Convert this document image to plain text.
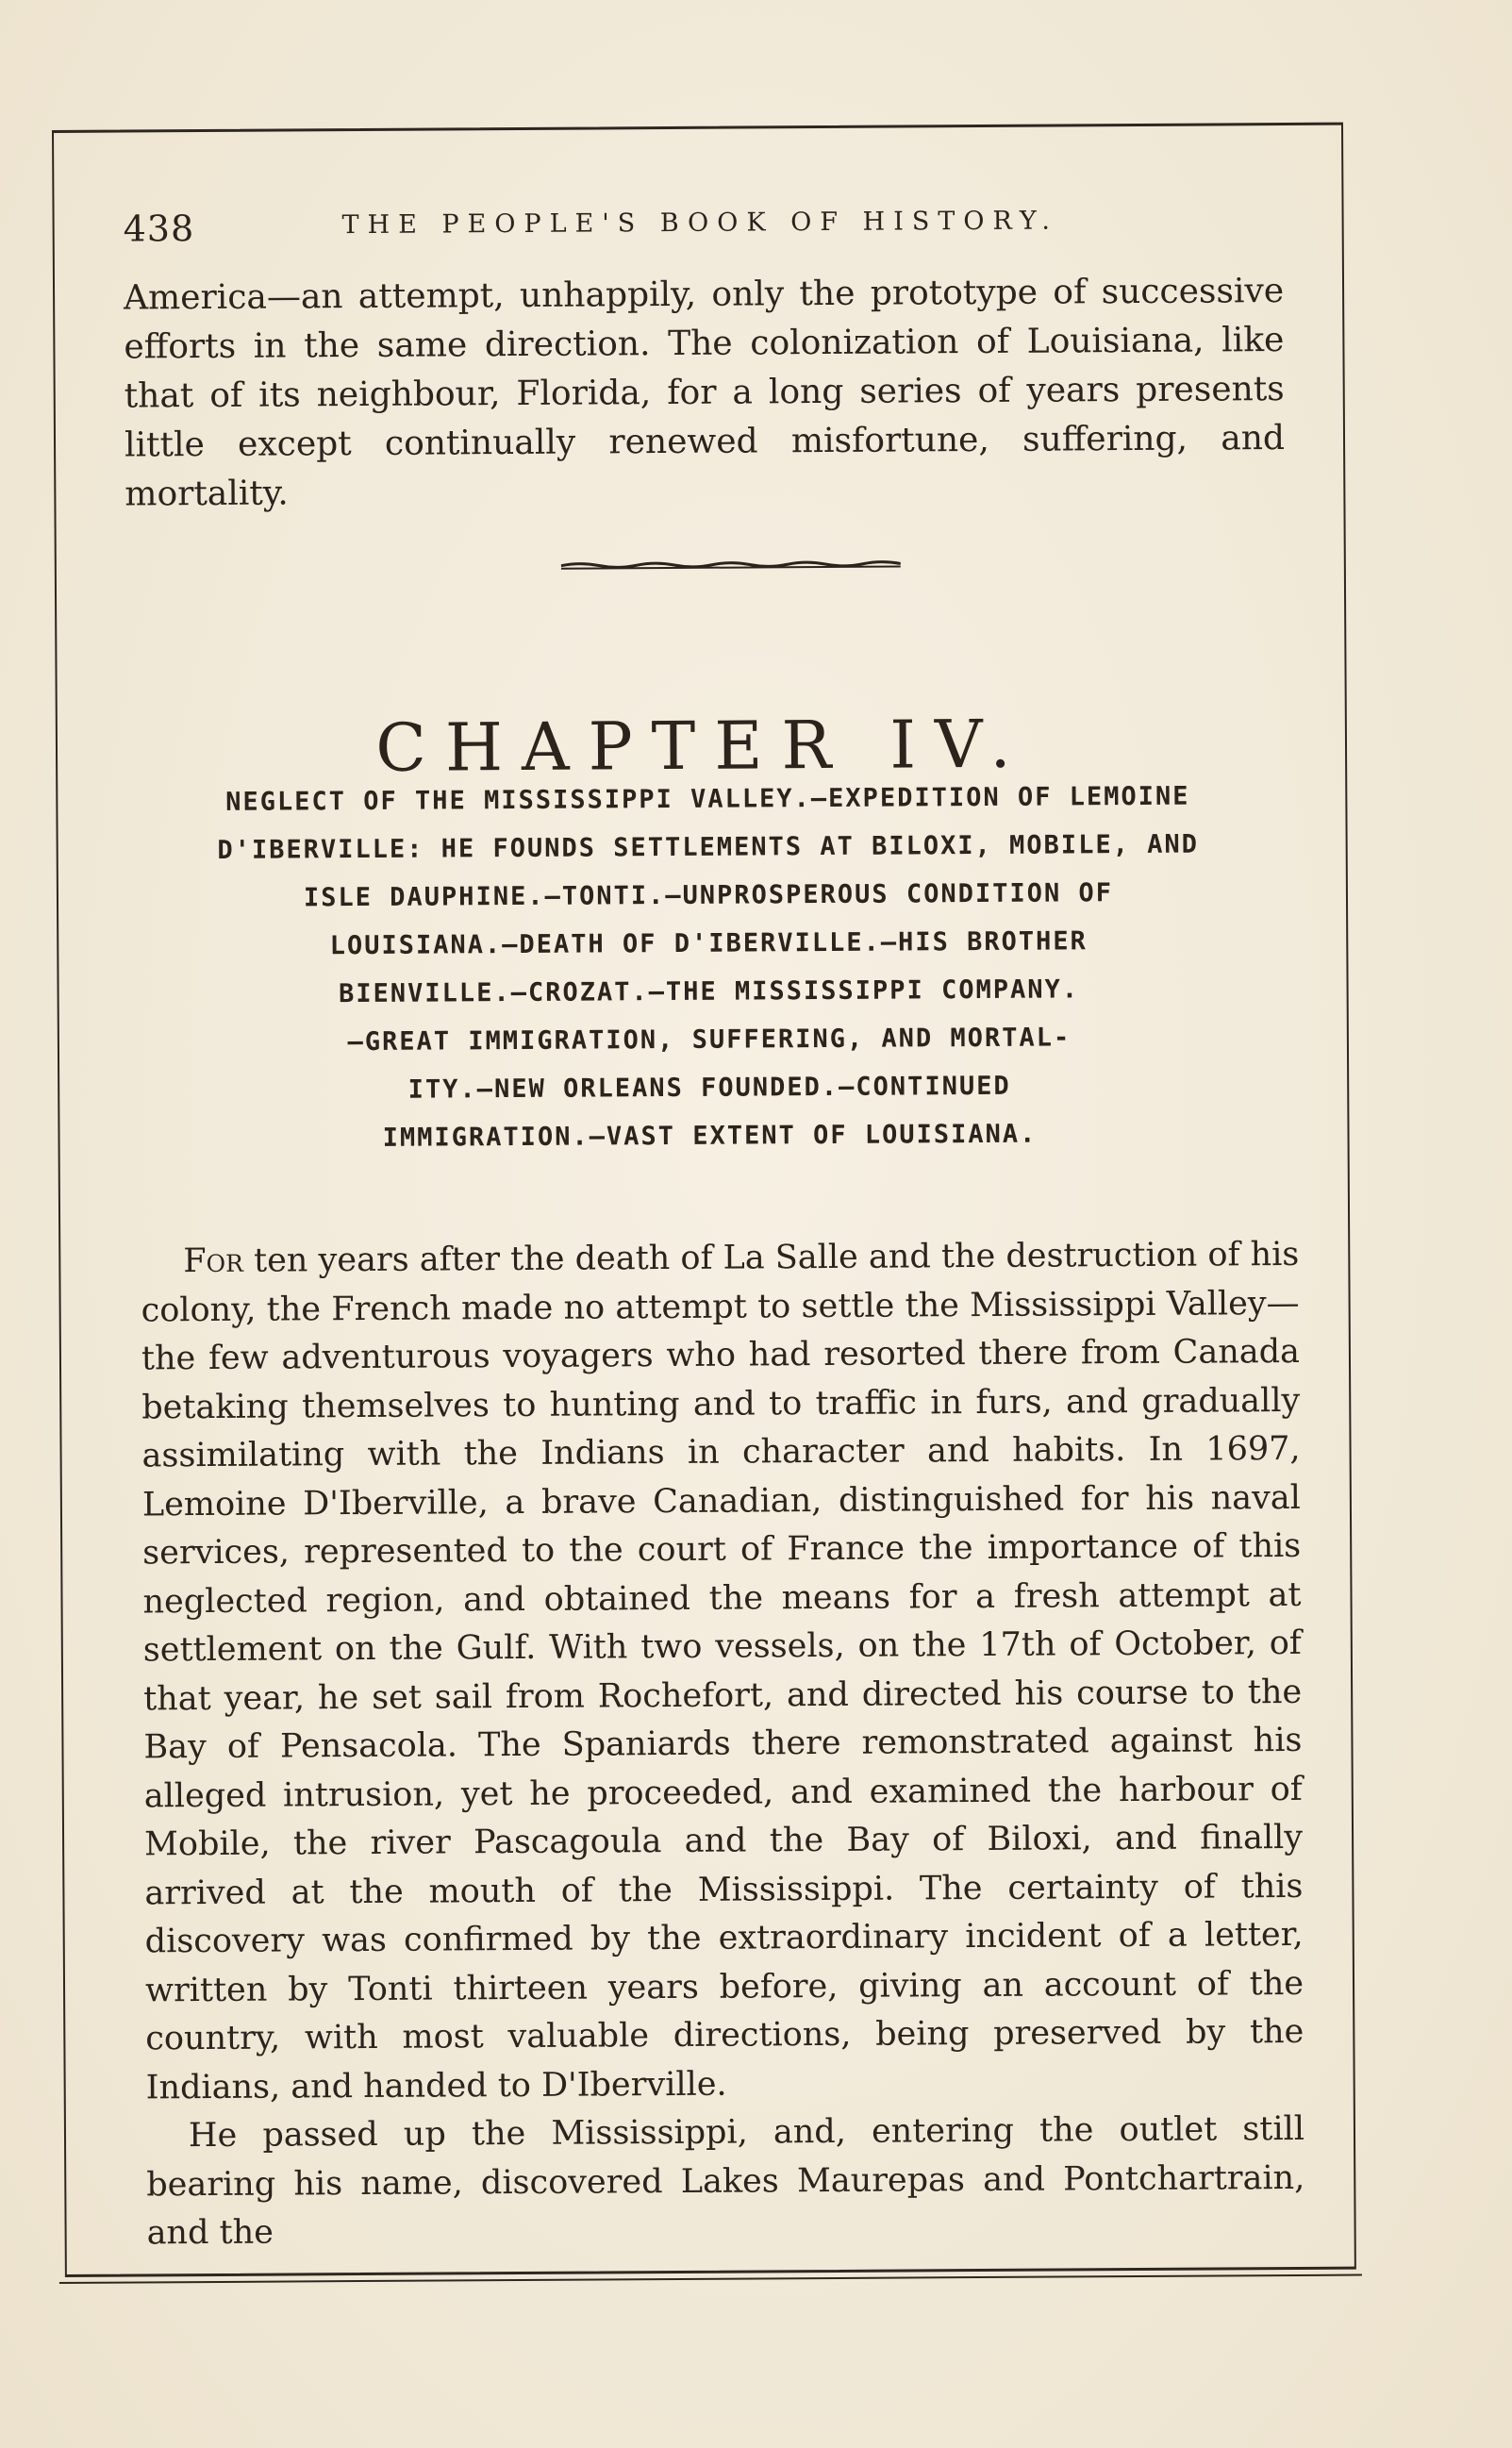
438	THE PEOPLE'S BOOK OF HISTORY.

America—an attempt, unhappily, only the prototype of successive efforts in the same direction. The colonization of Louisiana, like that of its neighbour, Florida, for a long series of years presents little except continually renewed misfortune, suffering, and mortality.

CHAPTER IV.
NEGLECT OF THE MISSISSIPPI VALLEY.—EXPEDITION OF LEMOINE
D'IBERVILLE: HE FOUNDS SETTLEMENTS AT BILOXI, MOBILE, AND
ISLE DAUPHINE.—TONTI.—UNPROSPEROUS CONDITION OF
LOUISIANA.—DEATH OF D'IBERVILLE.—HIS BROTHER
BIENVILLE.—CROZAT.—THE MISSISSIPPI COMPANY.
—GREAT IMMIGRATION, SUFFERING, AND MORTAL-
ITY.—NEW ORLEANS FOUNDED.—CONTINUED
IMMIGRATION.—VAST EXTENT OF LOUISIANA.

For ten years after the death of La Salle and the destruction of his colony, the French made no attempt to settle the Mississippi Valley—the few adventurous voyagers who had resorted there from Canada betaking themselves to hunting and to traffic in furs, and gradually assimilating with the Indians in character and habits. In 1697, Lemoine D'Iberville, a brave Canadian, distinguished for his naval services, represented to the court of France the importance of this neglected region, and obtained the means for a fresh attempt at settlement on the Gulf. With two vessels, on the 17th of October, of that year, he set sail from Rochefort, and directed his course to the Bay of Pensacola. The Spaniards there remonstrated against his alleged intrusion, yet he proceeded, and examined the harbour of Mobile, the river Pascagoula and the Bay of Biloxi, and finally arrived at the mouth of the Mississippi. The certainty of this discovery was confirmed by the extraordinary incident of a letter, written by Tonti thirteen years before, giving an account of the country, with most valuable directions, being preserved by the Indians, and handed to D'Iberville.

He passed up the Mississippi, and, entering the outlet still bearing his name, discovered Lakes Maurepas and Pontchartrain, and the
